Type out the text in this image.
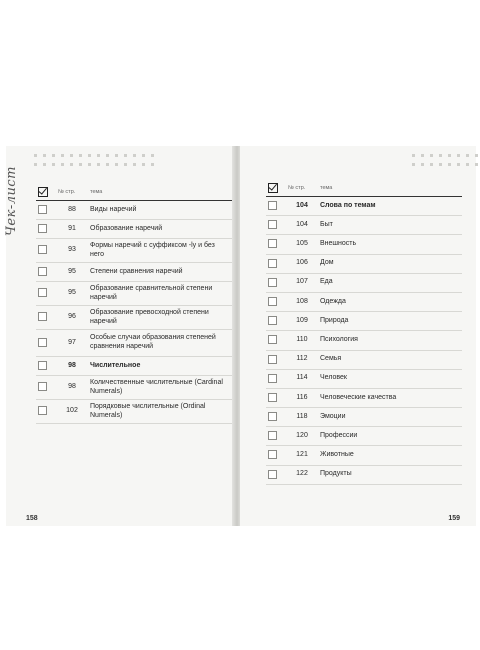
Чек-лист
		№ стр.	тема
	88	Виды наречий
	91	Образование наречий
	93	Формы наречий с суффиксом -ly и без него
	95	Степени сравнения наречий
	95	Образование сравнительной степени наречий
	96	Образование превосходной степени наречий
	97	Особые случаи образования степеней сравнения наречий
	98	Числительное
	98	Количественные числительные (Cardinal Numerals)
	102	Порядковые числительные (Ordinal Numerals)
158
	№ стр.	тема
	104	Слова по темам
	104	Быт
	105	Внешность
	106	Дом
	107	Еда
	108	Одежда
	109	Природа
	110	Психология
	112	Семья
	114	Человек
	116	Человеческие качества
	118	Эмоции
	120	Профессии
	121	Животные
	122	Продукты
159
